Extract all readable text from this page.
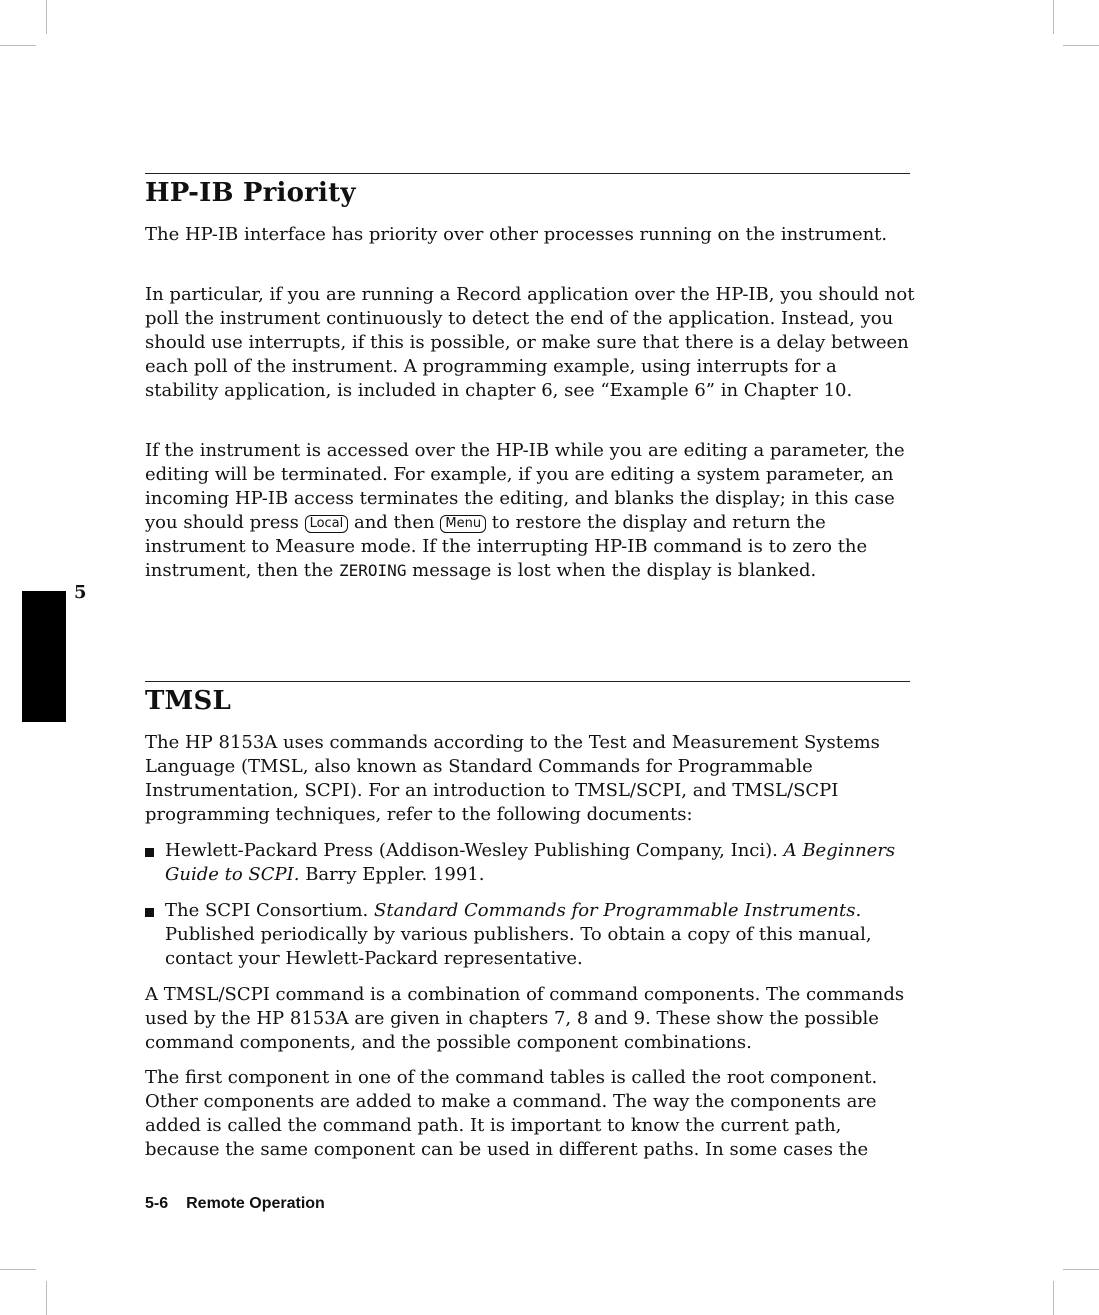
5
HP-IB Priority

The HP-IB interface has priority over other processes running on the instrument.

In particular, if you are running a Record application over the HP-IB, you should not poll the instrument continuously to detect the end of the application. Instead, you should use interrupts, if this is possible, or make sure that there is a delay between each poll of the instrument. A programming example, using interrupts for a stability application, is included in chapter 6, see “Example 6” in Chapter 10.

If the instrument is accessed over the HP-IB while you are editing a parameter, the editing will be terminated. For example, if you are editing a system parameter, an incoming HP-IB access terminates the editing, and blanks the display; in this case you should press Local and then Menu to restore the display and return the instrument to Measure mode. If the interrupting HP-IB command is to zero the instrument, then the ZEROING message is lost when the display is blanked.

TMSL

The HP 8153A uses commands according to the Test and Measurement Systems Language (TMSL, also known as Standard Commands for Programmable Instrumentation, SCPI). For an introduction to TMSL/SCPI, and TMSL/SCPI programming techniques, refer to the following documents:

Hewlett-Packard Press (Addison-Wesley Publishing Company, Inci). A Beginners Guide to SCPI. Barry Eppler. 1991.
The SCPI Consortium. Standard Commands for Programmable Instruments. Published periodically by various publishers. To obtain a copy of this manual, contact your Hewlett-Packard representative.

A TMSL/SCPI command is a combination of command components. The commands used by the HP 8153A are given in chapters 7, 8 and 9. These show the possible command components, and the possible component combinations.

The first component in one of the command tables is called the root component. Other components are added to make a command. The way the components are added is called the command path. It is important to know the current path, because the same component can be used in different paths. In some cases the

5-6 Remote Operation
